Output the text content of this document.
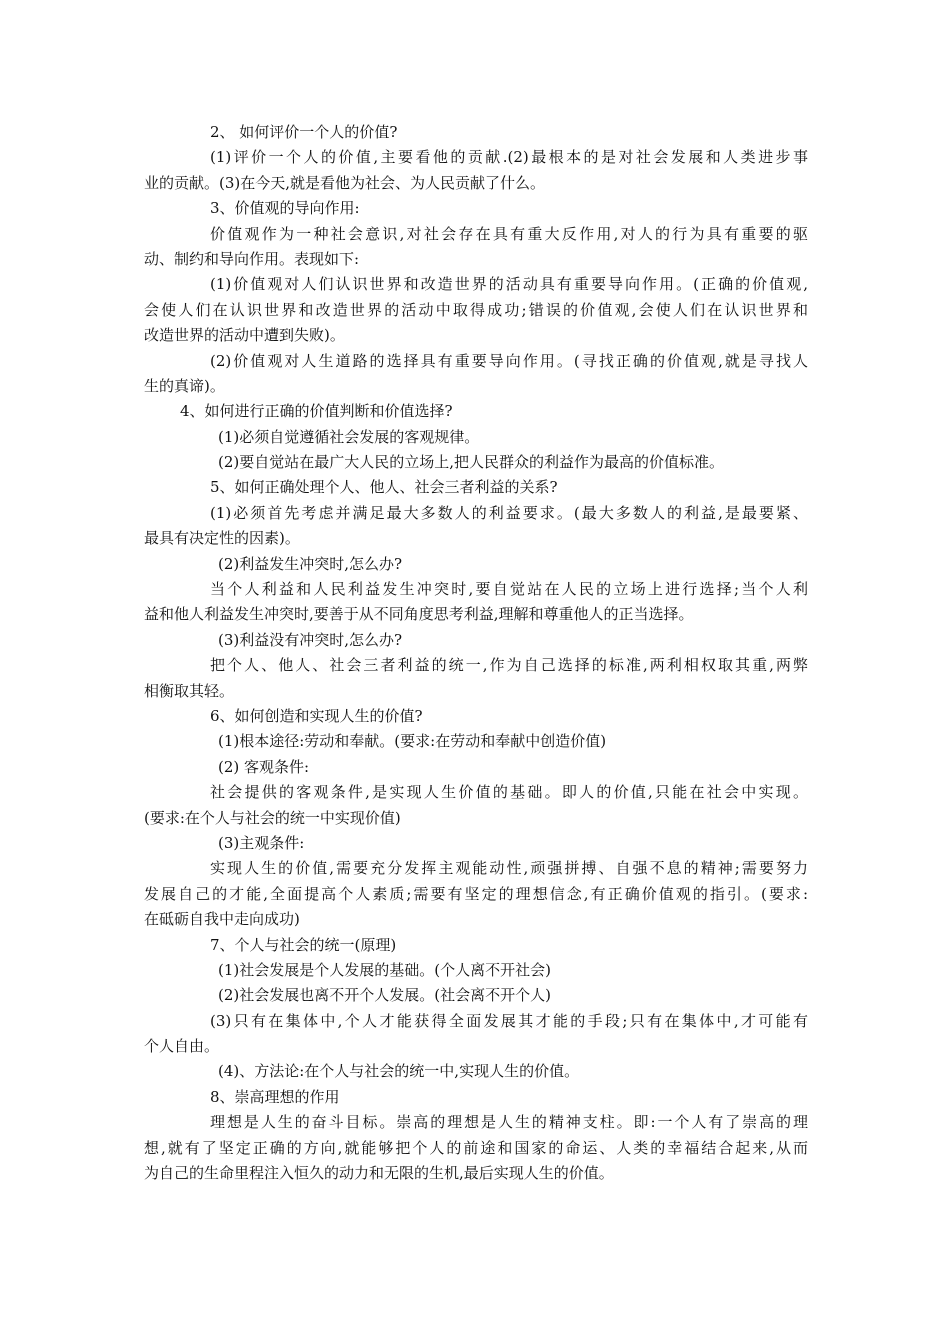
2、 如何评价一个人的价值?
(1)评价一个人的价值,主要看他的贡献.(2)最根本的是对社会发展和人类进步事
业的贡献。(3)在今天,就是看他为社会、为人民贡献了什么。
3、价值观的导向作用:
价值观作为一种社会意识,对社会存在具有重大反作用,对人的行为具有重要的驱
动、制约和导向作用。表现如下:
(1)价值观对人们认识世界和改造世界的活动具有重要导向作用。(正确的价值观,
会使人们在认识世界和改造世界的活动中取得成功;错误的价值观,会使人们在认识世界和
改造世界的活动中遭到失败)。
(2)价值观对人生道路的选择具有重要导向作用。(寻找正确的价值观,就是寻找人
生的真谛)。
4、如何进行正确的价值判断和价值选择?
(1)必须自觉遵循社会发展的客观规律。
(2)要自觉站在最广大人民的立场上,把人民群众的利益作为最高的价值标准。
5、如何正确处理个人、他人、社会三者利益的关系?
(1)必须首先考虑并满足最大多数人的利益要求。(最大多数人的利益,是最要紧、
最具有决定性的因素)。
(2)利益发生冲突时,怎么办?
当个人利益和人民利益发生冲突时,要自觉站在人民的立场上进行选择;当个人利
益和他人利益发生冲突时,要善于从不同角度思考利益,理解和尊重他人的正当选择。
(3)利益没有冲突时,怎么办?
把个人、他人、社会三者利益的统一,作为自己选择的标准,两利相权取其重,两弊
相衡取其轻。
6、如何创造和实现人生的价值?
(1)根本途径:劳动和奉献。(要求:在劳动和奉献中创造价值)
(2) 客观条件:
社会提供的客观条件,是实现人生价值的基础。即人的价值,只能在社会中实现。
(要求:在个人与社会的统一中实现价值)
(3)主观条件:
实现人生的价值,需要充分发挥主观能动性,顽强拼搏、自强不息的精神;需要努力
发展自己的才能,全面提高个人素质;需要有坚定的理想信念,有正确价值观的指引。(要求:
在砥砺自我中走向成功)
7、个人与社会的统一(原理)
(1)社会发展是个人发展的基础。(个人离不开社会)
(2)社会发展也离不开个人发展。(社会离不开个人)
(3)只有在集体中,个人才能获得全面发展其才能的手段;只有在集体中,才可能有
个人自由。
(4)、方法论:在个人与社会的统一中,实现人生的价值。
8、崇高理想的作用
理想是人生的奋斗目标。崇高的理想是人生的精神支柱。即:一个人有了崇高的理
想,就有了坚定正确的方向,就能够把个人的前途和国家的命运、人类的幸福结合起来,从而
为自己的生命里程注入恒久的动力和无限的生机,最后实现人生的价值。
